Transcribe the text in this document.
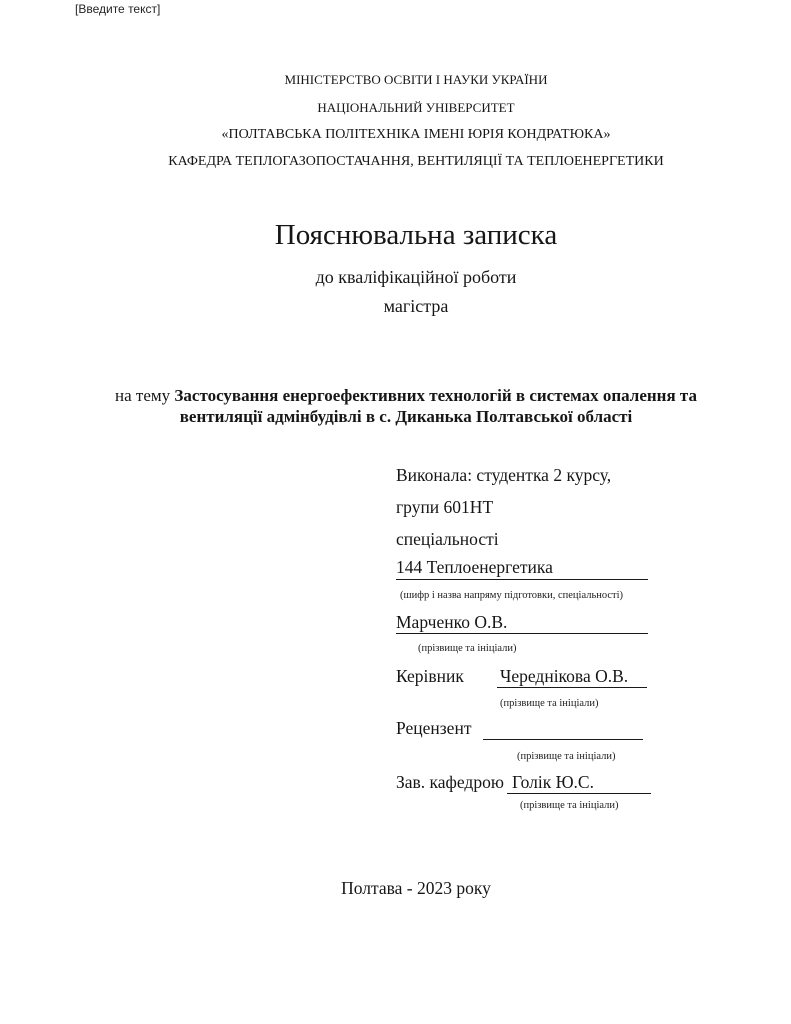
[Введите текст]
МІНІСТЕРСТВО ОСВІТИ І НАУКИ УКРАЇНИ
НАЦІОНАЛЬНИЙ УНІВЕРСИТЕТ
«ПОЛТАВСЬКА ПОЛІТЕХНІКА ІМЕНІ ЮРІЯ КОНДРАТЮКА»
КАФЕДРА ТЕПЛОГАЗОПОСТАЧАННЯ, ВЕНТИЛЯЦІЇ ТА ТЕПЛОЕНЕРГЕТИКИ
Пояснювальна записка
до кваліфікаційної роботи
магістра
на тему Застосування енергоефективних технологій в системах опалення та
вентиляції адмінбудівлі в с. Диканька Полтавської області
Виконала: студентка 2 курсу,
групи 601НТ
спеціальності
144 Теплоенергетика
(шифр і назва напряму підготовки, спеціальності)
Марченко О.В.
(прізвище та ініціали)
Керівник Череднікова О.В.
(прізвище та ініціали)
Рецензент
(прізвище та ініціали)
Зав. кафедрою Голік Ю.С.
(прізвище та ініціали)
Полтава - 2023 року
